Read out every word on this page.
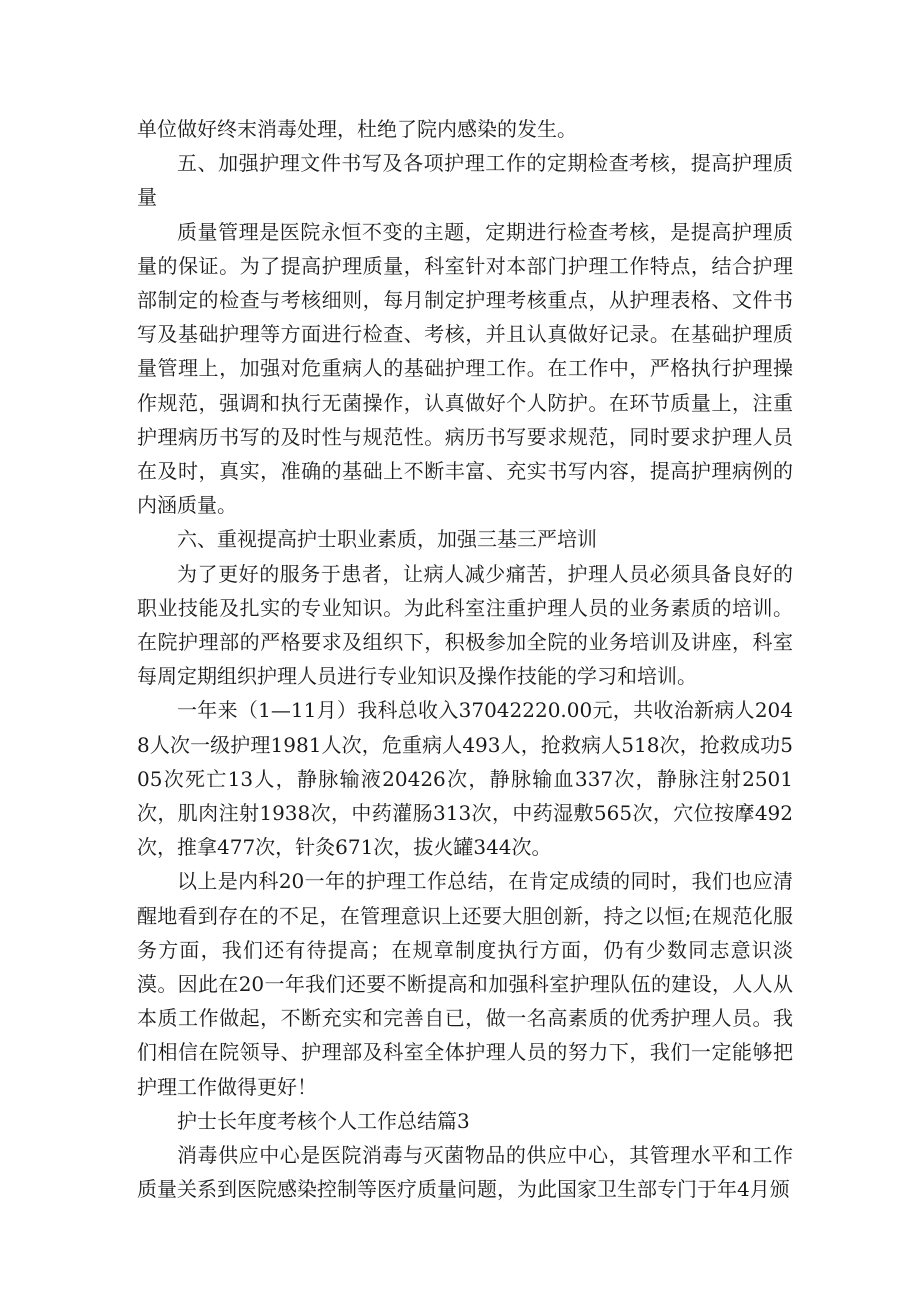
单位做好终末消毒处理，杜绝了院内感染的发生。

五、加强护理文件书写及各项护理工作的定期检查考核，提高护理质量

质量管理是医院永恒不变的主题，定期进行检查考核，是提高护理质量的保证。为了提高护理质量，科室针对本部门护理工作特点，结合护理部制定的检查与考核细则，每月制定护理考核重点，从护理表格、文件书写及基础护理等方面进行检查、考核，并且认真做好记录。在基础护理质量管理上，加强对危重病人的基础护理工作。在工作中，严格执行护理操作规范，强调和执行无菌操作，认真做好个人防护。在环节质量上，注重护理病历书写的及时性与规范性。病历书写要求规范，同时要求护理人员在及时，真实，准确的基础上不断丰富、充实书写内容，提高护理病例的内涵质量。

六、重视提高护士职业素质，加强三基三严培训

为了更好的服务于患者，让病人减少痛苦，护理人员必须具备良好的职业技能及扎实的专业知识。为此科室注重护理人员的业务素质的培训。在院护理部的严格要求及组织下，积极参加全院的业务培训及讲座，科室每周定期组织护理人员进行专业知识及操作技能的学习和培训。

一年来（1—11月）我科总收入37042220.00元，共收治新病人2048人次一级护理1981人次，危重病人493人，抢救病人518次，抢救成功505次死亡13人，静脉输液20426次，静脉输血337次，静脉注射2501次，肌肉注射1938次，中药灌肠313次，中药湿敷565次，穴位按摩492次，推拿477次，针灸671次，拔火罐344次。

以上是内科20一年的护理工作总结，在肯定成绩的同时，我们也应清醒地看到存在的不足，在管理意识上还要大胆创新，持之以恒;在规范化服务方面，我们还有待提高；在规章制度执行方面，仍有少数同志意识淡漠。因此在20一年我们还要不断提高和加强科室护理队伍的建设，人人从本质工作做起，不断充实和完善自已，做一名高素质的优秀护理人员。我们相信在院领导、护理部及科室全体护理人员的努力下，我们一定能够把护理工作做得更好！

护士长年度考核个人工作总结篇3

消毒供应中心是医院消毒与灭菌物品的供应中心，其管理水平和工作质量关系到医院感染控制等医疗质量问题，为此国家卫生部专门于年4月颁
